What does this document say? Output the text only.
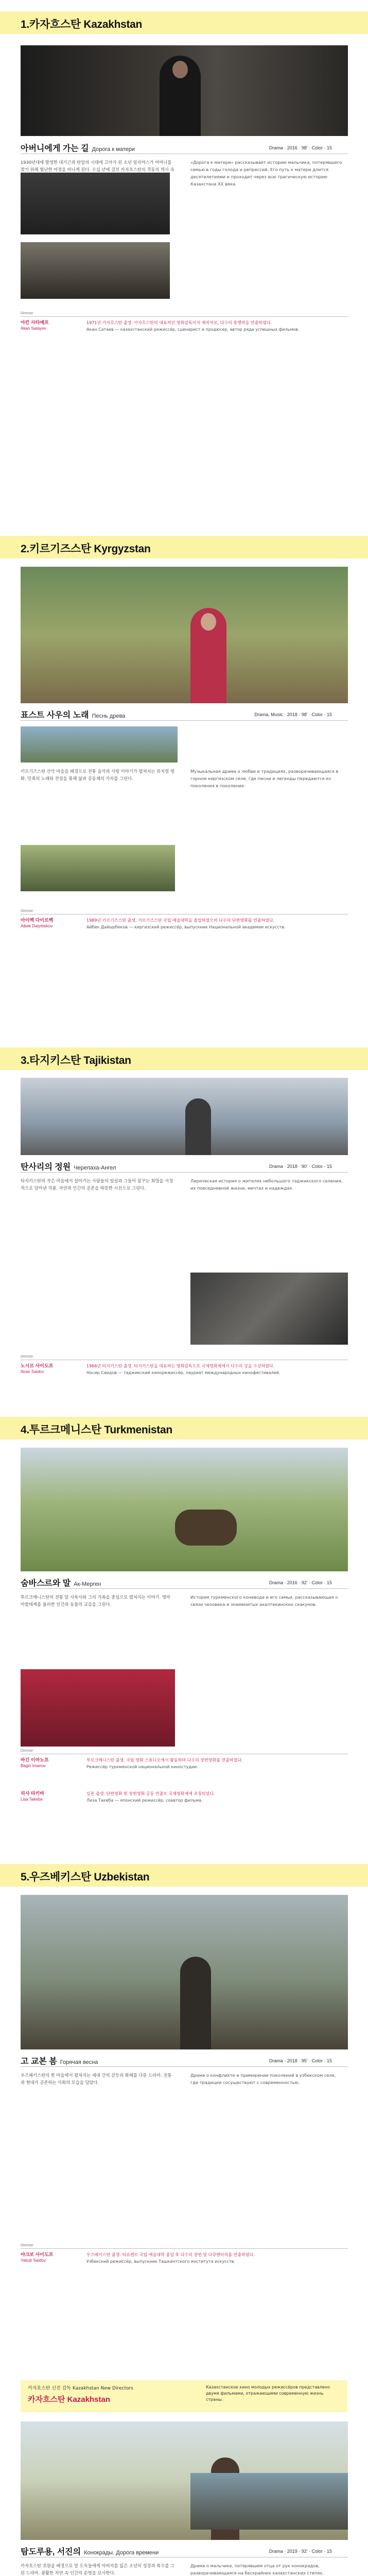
1.카자흐스탄 Kazakhstan
아버니에게 가는 길 Дорога к матери	Drama · 2016 · 98' · Color · 15
1930년대에 발생한 대기근과 탄압의 시대에 고아가 된 소년 일리야스가 어머니를 찾기 위해 험난한 여정을 떠나게 된다. 수십 년에 걸친 카자흐스탄의 격동의 역사 속
«Дорога к матери» рассказывает историю мальчика, потерявшего семью в годы голода и репрессий. Его путь к матери длится десятилетиями и проходит через всю трагическую историю Казахстана XX века.
Director
아킨 사타예프
Akan Satayev
1971년 카자흐스탄 출생. 카자흐스탄의 대표적인 영화감독이자 제작자로, 다수의 흥행작을 연출하였다.
Акан Сатаев — казахстанский режиссёр, сценарист и продюсер, автор ряда успешных фильмов.
2.키르기즈스탄 Kyrgyzstan
표스트 사우의 노래 Песнь древа	Drama, Music · 2018 · 98' · Color · 15
키르기즈스탄 산악 마을을 배경으로 전통 음악과 사랑 이야기가 펼쳐지는 뮤지컬 영화. 민족의 노래와 전설을 통해 삶과 공동체의 가치를 그린다.
Музыкальная драма о любви и традициях, разворачивающаяся в горном киргизском селе, где песни и легенды передаются из поколения в поколение.
Director
아이벡 다이르벡
Aibek Daiyrbekov
1989년 키르기즈스탄 출생. 키르기즈스탄 국립 예술대학을 졸업하였으며 다수의 단편영화를 연출하였다.
Айбек Дайырбеков — киргизский режиссёр, выпускник Национальной академии искусств.
3.타지키스탄 Tajikistan
탄사리의 정원 Черепаха-Ангел	Drama · 2018 · 90' · Color · 15
타지키스탄의 작은 마을에서 살아가는 사람들의 일상과 그들이 꿈꾸는 희망을 서정적으로 담아낸 작품. 자연과 인간의 공존을 따뜻한 시선으로 그린다.
Лирическая история о жителях небольшого таджикского селения, их повседневной жизни, мечтах и надеждах.
Director
노시르 사이도프
Nosir Saidov
1966년 타지키스탄 출생. 타지키스탄을 대표하는 영화감독으로 국제영화제에서 다수의 상을 수상하였다.
Носир Саидов — таджикский кинорежиссёр, лауреат международных кинофестивалей.
4.투르크메니스탄 Turkmenistan
숨바스르와 말 Ак-Мерген	Drama · 2016 · 92' · Color · 15
투르크메니스탄의 전통 말 사육사와 그의 가족을 중심으로 펼쳐지는 이야기. 명마 아할테케를 둘러싼 인간과 동물의 교감을 그린다.
История туркменского коневода и его семьи, рассказывающая о связи человека и знаменитых ахалтекинских скакунов.
Director
바긴 이마노프
Bagin Imanov
투르크메니스탄 출생. 국립 영화 스튜디오에서 활동하며 다수의 장편영화를 연출하였다.
Режиссёр туркменской национальной киностудии.
리사 타키바
Lisa Takeba
일본 출생. 단편영화 및 장편영화 공동 연출로 국제영화제에 초청되었다.
Лиза Такеба — японский режиссёр, соавтор фильма.
5.우즈베키스탄 Uzbekistan
고 교본 봄 Горячая весна	Drama · 2018 · 95' · Color · 15
우즈베키스탄의 한 마을에서 펼쳐지는 세대 간의 갈등과 화해를 다룬 드라마. 전통과 현대가 공존하는 사회의 모습을 담았다.
Драма о конфликте и примирении поколений в узбекском селе, где традиции сосуществуют с современностью.
Director
야크보 사이도프
Yakub Saidov
우즈베키스탄 출생. 타슈켄트 국립 예술대학 졸업 후 다수의 장편 및 다큐멘터리를 연출하였다.
Узбекский режиссёр, выпускник Ташкентского института искусств.
카자흐스탄 신진 감독 Kazakhstan New Directors
카자흐스탄 Kazakhstan
Казахстанское кино молодых режиссёров представлено двумя фильмами, отражающими современную жизнь страны.
탐도루용, 서진의 Конокрады. Дорога времени	Drama · 2019 · 92' · Color · 15
카자흐스탄 초원을 배경으로 말 도둑들에게 아버지를 잃은 소년의 성장과 복수를 그린 드라마. 광활한 자연 속 인간의 운명을 묘사한다.
Драма о мальчике, потерявшем отца от рук конокрадов, разворачивающаяся на бескрайних казахстанских степях.
